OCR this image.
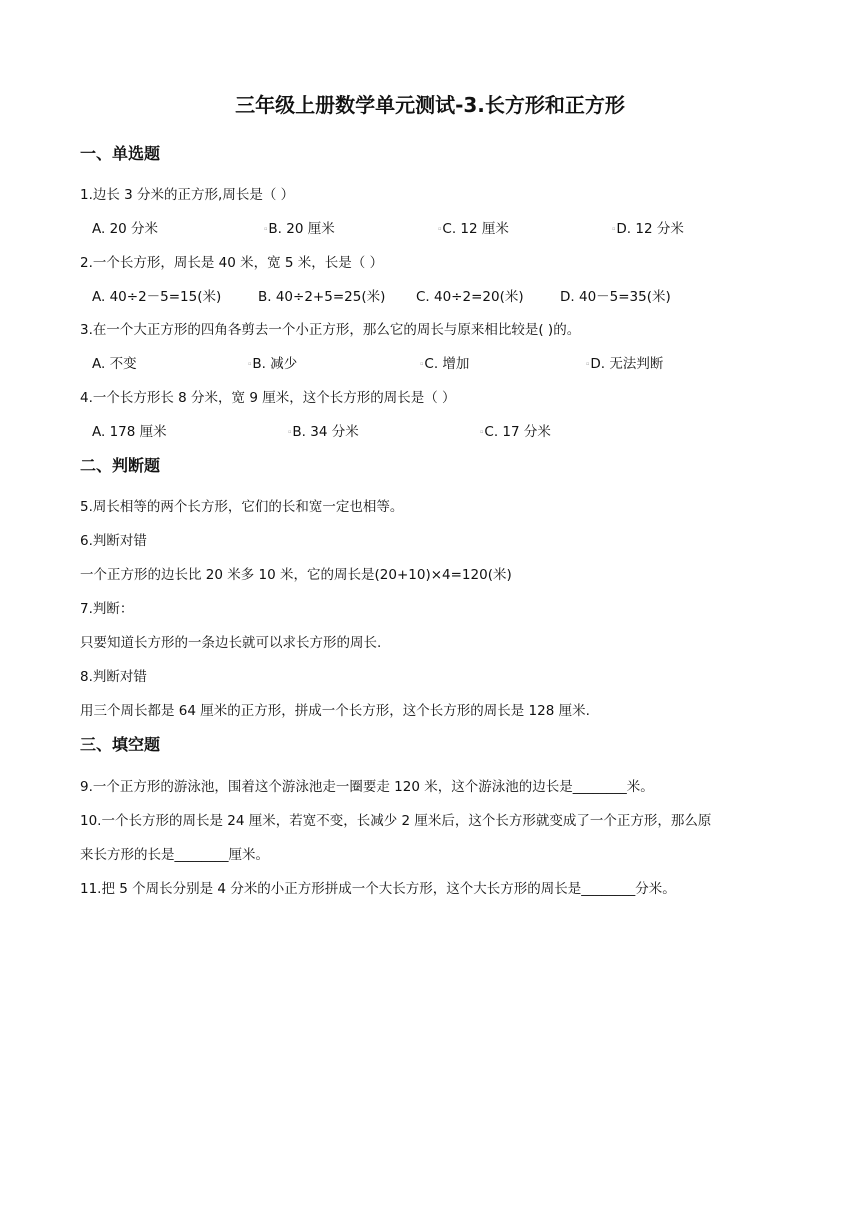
三年级上册数学单元测试-3.长方形和正方形
一、单选题
1.边长 3 分米的正方形,周长是（ ）
A. 20 分米	▫B. 20 厘米	▫C. 12 厘米	▫D. 12 分米
2.一个长方形，周长是 40 米，宽 5 米，长是（ ）
A. 40÷2－5=15(米)	B. 40÷2+5=25(米) C. 40÷2=20(米)	D. 40－5=35(米)
3.在一个大正方形的四角各剪去一个小正方形，那么它的周长与原来相比较是( )的。
A. 不变	▫B. 减少	▫C. 增加	▫D. 无法判断
4.一个长方形长 8 分米，宽 9 厘米，这个长方形的周长是（ ）
A. 178 厘米	▫B. 34 分米	▫C. 17 分米
二、判断题
5.周长相等的两个长方形，它们的长和宽一定也相等。
6.判断对错
一个正方形的边长比 20 米多 10 米，它的周长是(20+10)×4=120(米)
7.判断：
只要知道长方形的一条边长就可以求长方形的周长.
8.判断对错
用三个周长都是 64 厘米的正方形，拼成一个长方形，这个长方形的周长是 128 厘米.
三、填空题
9.一个正方形的游泳池，围着这个游泳池走一圈要走 120 米，这个游泳池的边长是________米。
10.一个长方形的周长是 24 厘米，若宽不变，长减少 2 厘米后，这个长方形就变成了一个正方形，那么原
来长方形的长是________厘米。
11.把 5 个周长分别是 4 分米的小正方形拼成一个大长方形，这个大长方形的周长是________分米。
